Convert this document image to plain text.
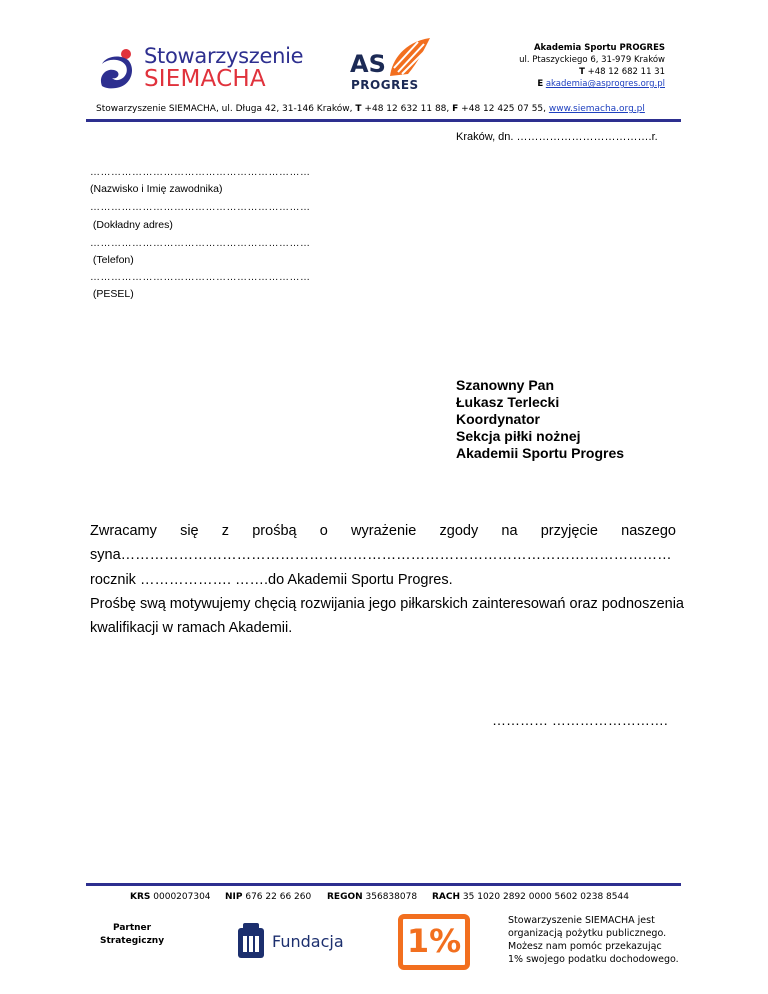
Stowarzyszenie
SIEMACHA
AS
PROGRES
Akademia Sportu PROGRES
ul. Ptaszyckiego 6, 31-979 Kraków
T +48 12 682 11 31
E akademia@asprogres.org.pl
Stowarzyszenie SIEMACHA, ul. Długa 42, 31-146 Kraków, T +48 12 632 11 88, F +48 12 425 07 55, www.siemacha.org.pl
Kraków, dn. ……………………………….r.
………………………………………………………
(Nazwisko i Imię zawodnika)
………………………………………………………
(Dokładny adres)
………………………………………………………
(Telefon)
………………………………………………………
(PESEL)
Szanowny Pan
Łukasz Terlecki
Koordynator
Sekcja piłki nożnej
Akademii Sportu Progres
Zwracamy się z prośbą o wyrażenie zgody na przyjęcie naszego
syna……………………………………………………………………………………………………
rocznik ………………. …….do Akademii Sportu Progres.
Prośbę swą motywujemy chęcią rozwijania jego piłkarskich zainteresowań oraz podnoszenia
kwalifikacji w ramach Akademii.
………… …………………….
KRS 0000207304 NIP 676 22 66 260 REGON 356838078 RACH 35 1020 2892 0000 5602 0238 8544
Partner
Strategiczny	Fundacja 1%
Stowarzyszenie SIEMACHA jest
organizacją pożytku publicznego.
Możesz nam pomóc przekazując
1% swojego podatku dochodowego.
